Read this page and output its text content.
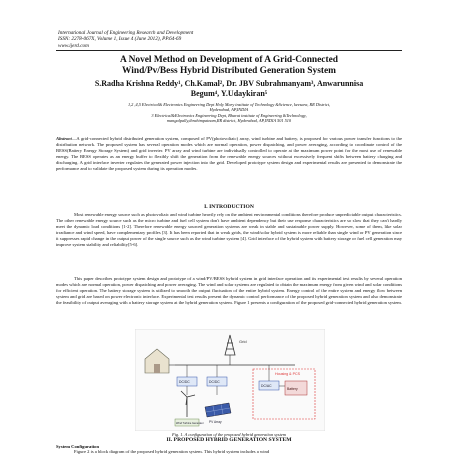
International Journal of Engineering Research and Development
ISSN: 2278-067X, Volume 1, Issue 4 (June 2012), PP.64-69
www.ijerd.com
A Novel Method on Development of A Grid-Connected
Wind/Pv/Bess Hybrid Distributed Generation System
S.Radha Krishna Reddy¹, Ch.Kamal², Dr. JBV Subrahmanyam³, Anwarunnisa
Begum⁴, Y.Udaykiran⁵
1,2 ,4,5 Electrical& Electronics Engineering Dept Holy Mary institute of Technology &Science, keesara, RR District,
Hyderabad, AP,INDIA
3 Electrical&Electronics Engineering Dept, Bharat institute of Engineering &Technology,
mangalpally,ibrahimpatnam,RR district, Hyderabad, AP,INDIA 501 510
Abstract—A grid-connected hybrid distributed generation system, composed of PV(photovoltaic) array, wind turbine and battery, is proposed for various power transfer functions to the distribution network. The proposed system has several operation modes which are normal operation, power dispatching, and power averaging, according to coordinate control of the BESS(Battery Energy Storage System) and grid inverter. PV array and wind turbine are individually controlled to operate at the maximum power point for the most use of renewable energy. The BESS operates as an energy buffer to flexibly shift the generation from the renewable energy sources without excessively frequent shifts between battery charging and discharging. A grid interface inverter regulates the generated power injection into the grid. Developed prototype system design and experimental results are presented to demonstrate the performance and to validate the proposed system during its operation modes.
I. INTRODUCTION
Most renewable energy source such as photovoltaic and wind turbine heavily rely on the ambient environmental conditions therefore produce unpredictable output characteristics. The other renewable energy source such as the micro turbine and fuel cell system don't have ambient dependency but their use response characteristics are so slow that they can't hardly meet the dynamic load conditions [1-2]. Therefore renewable energy sourced generation systems are weak in stable and sustainable power supply. However, some of them, like solar irradiance and wind speed, have complementary profiles [3]. It has been reported that in weak grids, the wind/solar hybrid system is more reliable than single wind or PV generation since it suppresses rapid change in the output power of the single source such as the wind turbine system [4]. Grid interface of the hybrid system with battery storage or fuel cell generation may improve system stability and reliability[5-6].
This paper describes prototype system design and prototype of a wind/PV/BESS hybrid system in grid interface operation and its experimental test results by several operation modes which are normal operation, power dispatching and power averaging. The wind and solar systems are regulated to obtain the maximum energy from given wind and solar conditions for efficient operation. The battery storage system is utilized to smooth the output fluctuation of the entire hybrid system. Energy control of the entire system and energy flow between system and grid are based on power electronic interface. Experimental test results present the dynamic control performance of the proposed hybrid generation system and also demonstrate the feasibility of output averaging with a battery storage system at the hybrid generation system. Figure 1 presents a configuration of the proposed grid-connected hybrid generation system.
Grid
Housing & PCS
DC/DC	DC/DC
DC/AC
Battery
Wind Turbine Generator PV Array
Fig. 1. A configuration of the proposed hybrid generation system
II. PROPOSED HYBRID GENERATION SYSTEM
System Configuration
Figure 2 is a block diagram of the proposed hybrid generation system. This hybrid system includes a wind
